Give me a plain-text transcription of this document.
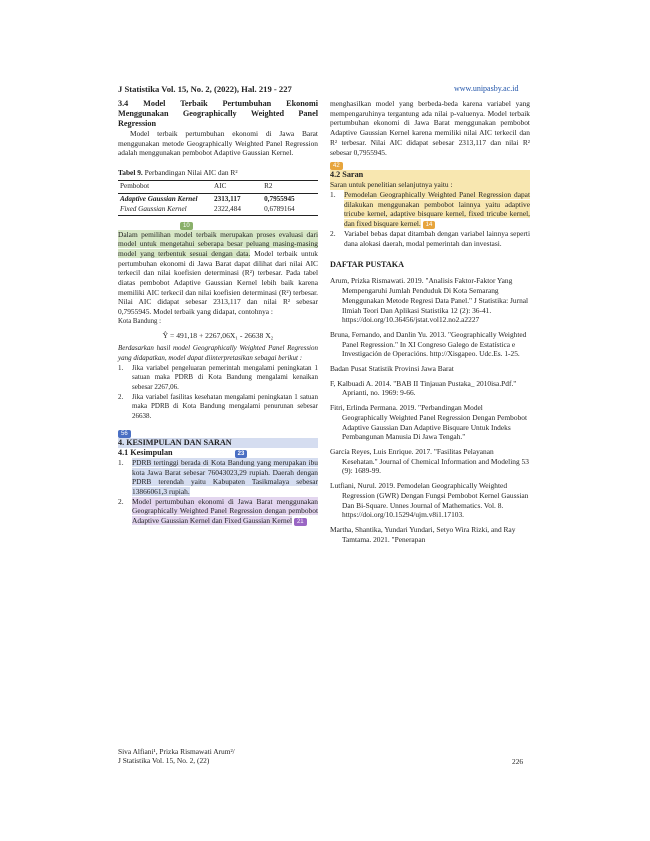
J Statistika Vol. 15, No. 2, (2022), Hal. 219 - 227	www.unipasby.ac.id

3.4 Model Terbaik Pertumbuhan Ekonomi Menggunakan Geographically Weighted Panel Regression

Model terbaik pertumbuhan ekonomi di Jawa Barat menggunakan metode Geographically Weighted Panel Regression adalah menggunakan pembobot Adaptive Gaussian Kernel.

Tabel 9. Perbandingan Nilai AIC dan R²
Pembobot	AIC	R2
Adaptive Gaussian Kernel	2313,117	0,7955945
Fixed Gaussian Kernel	2322,484	0,6789164
10

Dalam pemilihan model terbaik merupakan proses evaluasi dari model untuk mengetahui seberapa besar peluang masing-masing model yang terbentuk sesuai dengan data. Model terbaik untuk pertumbuhan ekonomi di Jawa Barat dapat dilihat dari nilai AIC terkecil dan nilai koefisien determinasi (R²) terbesar. Pada tabel diatas pembobot Adaptive Gaussian Kernel lebih baik karena memiliki AIC terkecil dan nilai koefisien determinasi (R²) terbesar. Nilai AIC didapat sebesar 2313,117 dan nilai R² sebesar 0,7955945. Model terbaik yang didapat, contohnya :

Kota Bandung :

Ŷ = 491,18 + 2267,06X₁ - 26638 X₂

Berdasarkan hasil model Geographically Weighted Panel Regression yang didapatkan, model dapat diinterpretasikan sebagai berikut :

1. Jika variabel pengeluaran pemerintah mengalami peningkatan 1 satuan maka PDRB di Kota Bandung mengalami kenaikan sebesar 2267,06.
2. Jika variabel fasilitas kesehatan mengalami peningkatan 1 satuan maka PDRB di Kota Bandung mengalami penurunan sebesar 26638.
56

4. KESIMPULAN DAN SARAN

4.1 Kesimpulan	23

1. PDRB tertinggi berada di Kota Bandung yang merupakan ibu kota Jawa Barat sebesar 76043023,29 rupiah. Daerah dengan PDRB terendah yaitu Kabupaten Tasikmalaya sebesar 13866061,3 rupiah.
2. Model pertumbuhan ekonomi di Jawa Barat menggunakan Geographically Weighted Panel Regression dengan pembobot Adaptive Gaussian Kernel dan Fixed Gaussian Kernel 21

menghasilkan model yang berbeda-beda karena variabel yang mempengaruhinya tergantung ada nilai p-valuenya. Model terbaik pertumbuhan ekonomi di Jawa Barat menggunakan pembobot Adaptive Gaussian Kernel karena memiliki nilai AIC terkecil dan R² terbesar. Nilai AIC didapat sebesar 2313,117 dan nilai R² sebesar 0,7955945.

42

4.2 Saran

Saran untuk penelitian selanjutnya yaitu :

1. Pemodelan Geographically Weighted Panel Regression dapat dilakukan menggunakan pembobot lainnya yaitu adaptive tricube kernel, adaptive bisquare kernel, fixed tricube kernel, dan fixed bisquare kernel. 14
2. Variabel bebas dapat ditambah dengan variabel lainnya seperti dana alokasi daerah, modal pemerintah dan investasi.

DAFTAR PUSTAKA

Arum, Prizka Rismawati. 2019. "Analisis Faktor-Faktor Yang Mempengaruhi Jumlah Penduduk Di Kota Semarang Menggunakan Metode Regresi Data Panel." J Statistika: Jurnal Ilmiah Teori Dan Aplikasi Statistika 12 (2): 36-41. https://doi.org/10.36456/jstat.vol12.no2.a2227

Bruna, Fernando, and Danlin Yu. 2013. "Geographically Weighted Panel Regression." In XI Congreso Galego de Estatística e Investigación de Operacións. http://Xisgapeo. Udc.Es. 1-25.

Badan Pusat Statistik Provinsi Jawa Barat

F, Kalbuadi A. 2014. "BAB II Tinjauan Pustaka_ 2010isa.Pdf." Aprianti, no. 1969: 9-66.

Fitri, Erlinda Permana. 2019. "Perbandingan Model Geographically Weighted Panel Regression Dengan Pembobot Adaptive Gaussian Dan Adaptive Bisquare Untuk Indeks Pembangunan Manusia Di Jawa Tengah."

García Reyes, Luis Enrique. 2017. "Fasilitas Pelayanan Kesehatan." Journal of Chemical Information and Modeling 53 (9): 1689-99.

Lutfiani, Nurul. 2019. Pemodelan Geographically Weighted Regression (GWR) Dengan Fungsi Pembobot Kernel Gaussian Dan Bi-Square. Unnes Journal of Mathematics. Vol. 8. https://doi.org/10.15294/ujm.v8i1.17103.

Martha, Shantika, Yundari Yundari, Setyo Wira Rizki, and Ray Tamtama. 2021. "Penerapan

Siva Alfiani¹, Prizka Rismawati Arum²/
J Statistika Vol. 15, No. 2, (22)	226
